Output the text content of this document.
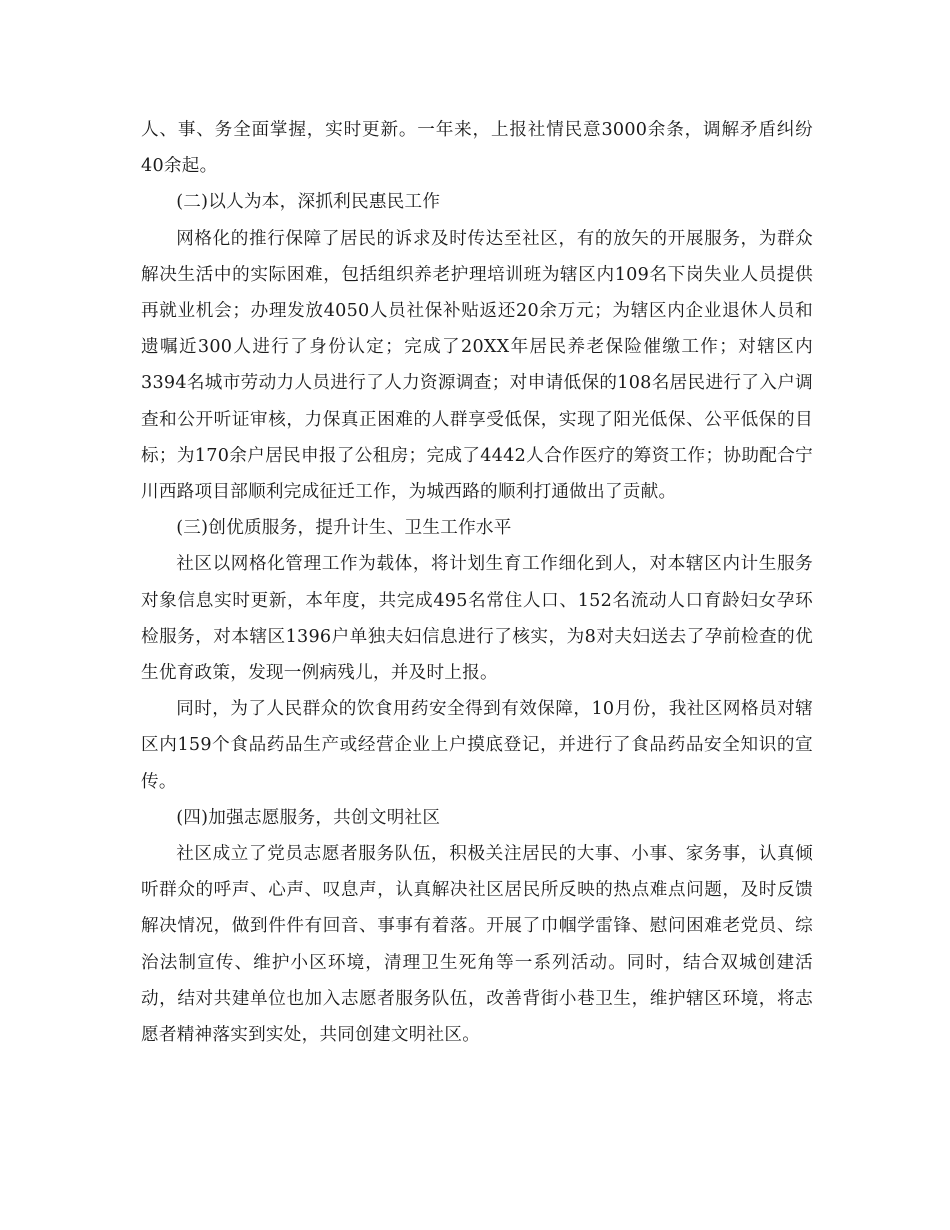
人、事、务全面掌握，实时更新。一年来，上报社情民意3000余条，调解矛盾纠纷40余起。

(二)以人为本，深抓利民惠民工作

网格化的推行保障了居民的诉求及时传达至社区，有的放矢的开展服务，为群众解决生活中的实际困难，包括组织养老护理培训班为辖区内109名下岗失业人员提供再就业机会；办理发放4050人员社保补贴返还20余万元；为辖区内企业退休人员和遗嘱近300人进行了身份认定；完成了20XX年居民养老保险催缴工作；对辖区内3394名城市劳动力人员进行了人力资源调查；对申请低保的108名居民进行了入户调查和公开听证审核，力保真正困难的人群享受低保，实现了阳光低保、公平低保的目标；为170余户居民申报了公租房；完成了4442人合作医疗的筹资工作；协助配合宁川西路项目部顺利完成征迁工作，为城西路的顺利打通做出了贡献。

(三)创优质服务，提升计生、卫生工作水平

社区以网格化管理工作为载体，将计划生育工作细化到人，对本辖区内计生服务对象信息实时更新，本年度，共完成495名常住人口、152名流动人口育龄妇女孕环检服务，对本辖区1396户单独夫妇信息进行了核实，为8对夫妇送去了孕前检查的优生优育政策，发现一例病残儿，并及时上报。

同时，为了人民群众的饮食用药安全得到有效保障，10月份，我社区网格员对辖区内159个食品药品生产或经营企业上户摸底登记，并进行了食品药品安全知识的宣传。

(四)加强志愿服务，共创文明社区

社区成立了党员志愿者服务队伍，积极关注居民的大事、小事、家务事，认真倾听群众的呼声、心声、叹息声，认真解决社区居民所反映的热点难点问题，及时反馈解决情况，做到件件有回音、事事有着落。开展了巾帼学雷锋、慰问困难老党员、综治法制宣传、维护小区环境，清理卫生死角等一系列活动。同时，结合双城创建活动，结对共建单位也加入志愿者服务队伍，改善背街小巷卫生，维护辖区环境，将志愿者精神落实到实处，共同创建文明社区。
